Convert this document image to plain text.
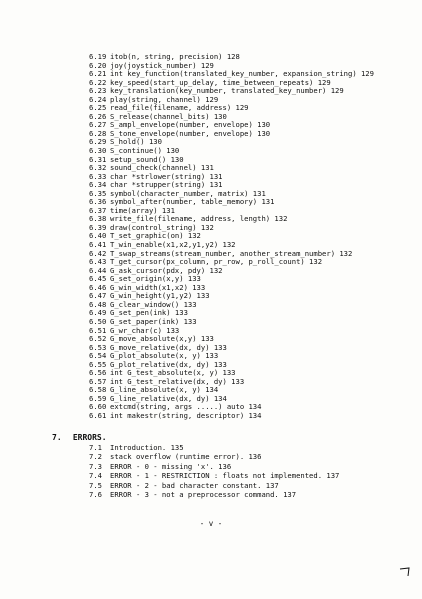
6.19 itob(n, string, precision) 128
6.20 joy(joystick_number) 129
6.21 int key_function(translated_key_number, expansion_string) 129
6.22 key_speed(start_up_delay, time_between_repeats) 129
6.23 key_translation(key_number, translated_key_number) 129
6.24 play(string, channel) 129
6.25 read_file(filename, address) 129
6.26 S_release(channel_bits) 130
6.27 S_ampl_envelope(number, envelope) 130
6.28 S_tone_envelope(number, envelope) 130
6.29 S_hold() 130
6.30 S_continue() 130
6.31 setup_sound() 130
6.32 sound_check(channel) 131
6.33 char *strlower(string) 131
6.34 char *strupper(string) 131
6.35 symbol(character_number, matrix) 131
6.36 symbol_after(number, table_memory) 131
6.37 time(array) 131
6.38 write_file(filename, address, length) 132
6.39 draw(control_string) 132
6.40 T_set_graphic(on) 132
6.41 T_win_enable(x1,x2,y1,y2) 132
6.42 T_swap_streams(stream_number, another_stream_number) 132
6.43 T_get_cursor(px_column, pr_row, p_roll_count) 132
6.44 G_ask_cursor(pdx, pdy) 132
6.45 G_set_origin(x,y) 133
6.46 G_win_width(x1,x2) 133
6.47 G_win_height(y1,y2) 133
6.48 G_clear_window() 133
6.49 G_set_pen(ink) 133
6.50 G_set_paper(ink) 133
6.51 G_wr_char(c) 133
6.52 G_move_absolute(x,y) 133
6.53 G_move_relative(dx, dy) 133
6.54 G_plot_absolute(x, y) 133
6.55 G_plot_relative(dx, dy) 133
6.56 int G_test_absolute(x, y) 133
6.57 int G_test_relative(dx, dy) 133
6.58 G_line_absolute(x, y) 134
6.59 G_line_relative(dx, dy) 134
6.60 extcmd(string, args .....) auto 134
6.61 int makestr(string, descriptor) 134
7. ERRORS.
7.1	Introduction. 135
7.2	stack overflow (runtime error). 136
7.3	ERROR - 0 - missing 'x'. 136
7.4	ERROR - 1 - RESTRICTION : floats not implemented. 137
7.5	ERROR - 2 - bad character constant. 137
7.6	ERROR - 3 - not a preprocessor command. 137
- v -
